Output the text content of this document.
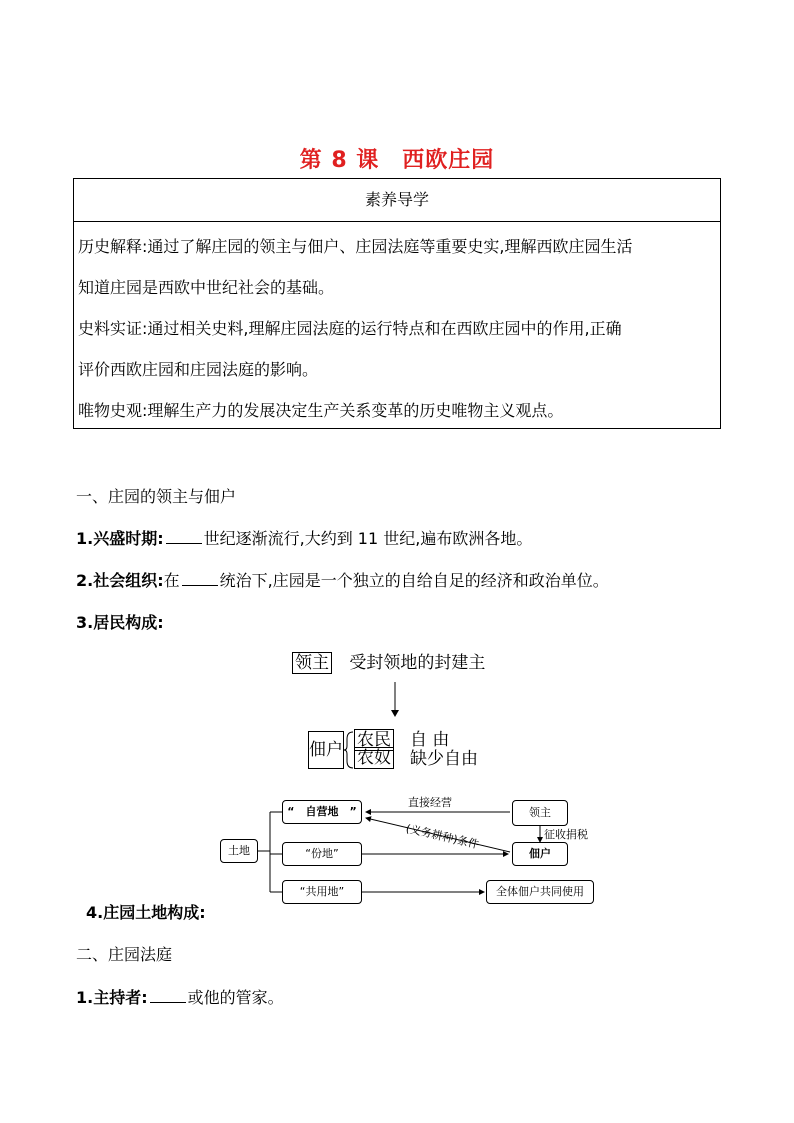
第 8 课　西欧庄园
素养导学
历史解释:通过了解庄园的领主与佃户、庄园法庭等重要史实,理解西欧庄园生活
知道庄园是西欧中世纪社会的基础。
史料实证:通过相关史料,理解庄园法庭的运行特点和在西欧庄园中的作用,正确
评价西欧庄园和庄园法庭的影响。
唯物史观:理解生产力的发展决定生产关系变革的历史唯物主义观点。
一、庄园的领主与佃户
1.兴盛时期:	世纪逐渐流行,大约到 11 世纪,遍布欧洲各地。
2.社会组织:在	统治下,庄园是一个独立的自给自足的经济和政治单位。
3.居民构成:
领主 受封领地的封建主
佃户 农民
农奴
自 由
缺少自由
土地
“　自营地　”
“份地”
“共用地”
领主
佃户
全体佃户共同使用
直接经营
(义务耕种)条件	征收捐税
4.庄园土地构成:
二、庄园法庭
1.主持者:	或他的管家。
